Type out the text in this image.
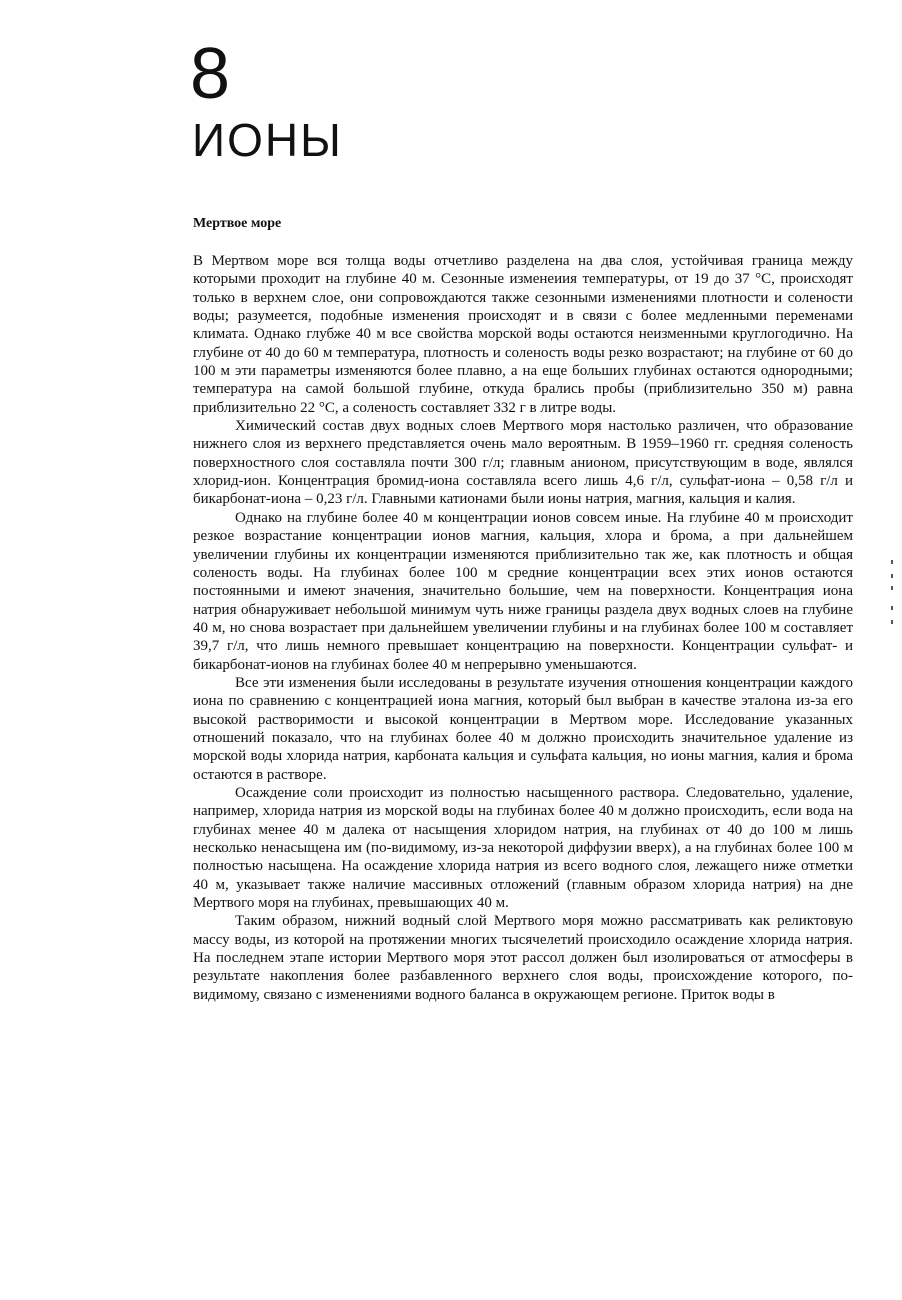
8
ИОНЫ
Мертвое море

В Мертвом море вся толща воды отчетливо разделена на два слоя, устойчивая граница между которыми проходит на глубине 40 м. Сезонные изменеиия температуры, от 19 до 37 °С, происходят только в верхнем слое, они сопровождаются также сезонными изменениями плотности и солености воды; разумеется, подобные изменения происходят и в связи с более медленными переменами климата. Однако глубже 40 м все свойства морской воды остаются неизменными круглогодично. На глубине от 40 до 60 м температура, плотность и соленость воды резко возрастают; на глубине от 60 до 100 м эти параметры изменяются более плавно, а на еще больших глубинах остаются однородными; температура на самой большой глубине, откуда брались пробы (приблизительно 350 м) равна приблизительно 22 °С, а соленость составляет 332 г в литре воды.

Химический состав двух водных слоев Мертвого моря настолько различен, что образование нижнего слоя из верхнего представляется очень мало вероятным. В 1959–1960 гг. средняя соленость поверхностного слоя составляла почти 300 г/л; главным анионом, присутствующим в воде, являлся хлорид-ион. Концентрация бромид-иона составляла всего лишь 4,6 г/л, сульфат-иона – 0,58 г/л и бикарбонат-иона – 0,23 г/л. Главными катионами были ионы натрия, магния, кальция и калия.

Однако на глубине более 40 м концентрации ионов совсем иные. На глубине 40 м происходит резкое возрастание концентрации ионов магния, кальция, хлора и брома, а при дальнейшем увеличении глубины их концентрации изменяются приблизительно так же, как плотность и общая соленость воды. На глубинах более 100 м средние концентрации всех этих ионов остаются постоянными и имеют значения, значительно большие, чем на поверхности. Концентрация иона натрия обнаруживает небольшой минимум чуть ниже границы раздела двух водных слоев на глубине 40 м, но снова возрастает при дальнейшем увеличении глубины и на глубинах более 100 м составляет 39,7 г/л, что лишь немного превышает концентрацию на поверхности. Концентрации сульфат- и бикарбонат-ионов на глубинах более 40 м непрерывно уменьшаются.

Все эти изменения были исследованы в результате изучения отношения концентрации каждого иона по сравнению с концентрацией иона магния, который был выбран в качестве эталона из-за его высокой растворимости и высокой концентрации в Мертвом море. Исследование указанных отношений показало, что на глубинах более 40 м должно происходить значительное удаление из морской воды хлорида натрия, карбоната кальция и сульфата кальция, но ионы магния, калия и брома остаются в растворе.

Осаждение соли происходит из полностью насыщенного раствора. Следовательно, удаление, например, хлорида натрия из морской воды на глубинах более 40 м должно происходить, если вода на глубинах менее 40 м далека от насыщения хлоридом натрия, на глубинах от 40 до 100 м лишь несколько ненасыщена им (по-видимому, из-за некоторой диффузии вверх), а на глубинах более 100 м полностью насыщена. На осаждение хлорида натрия из всего водного слоя, лежащего ниже отметки 40 м, указывает также наличие массивных отложений (главным образом хлорида натрия) на дне Мертвого моря на глубинах, превышающих 40 м.

Таким образом, нижний водный слой Мертвого моря можно рассматривать как реликтовую массу воды, из которой на протяжении многих тысячелетий происходило осаждение хлорида натрия. На последнем этапе истории Мертвого моря этот рассол должен был изолироваться от атмосферы в результате накопления более разбавленного верхнего слоя воды, происхождение которого, по-видимому, связано с изменениями водного баланса в окружающем регионе. Приток воды в
